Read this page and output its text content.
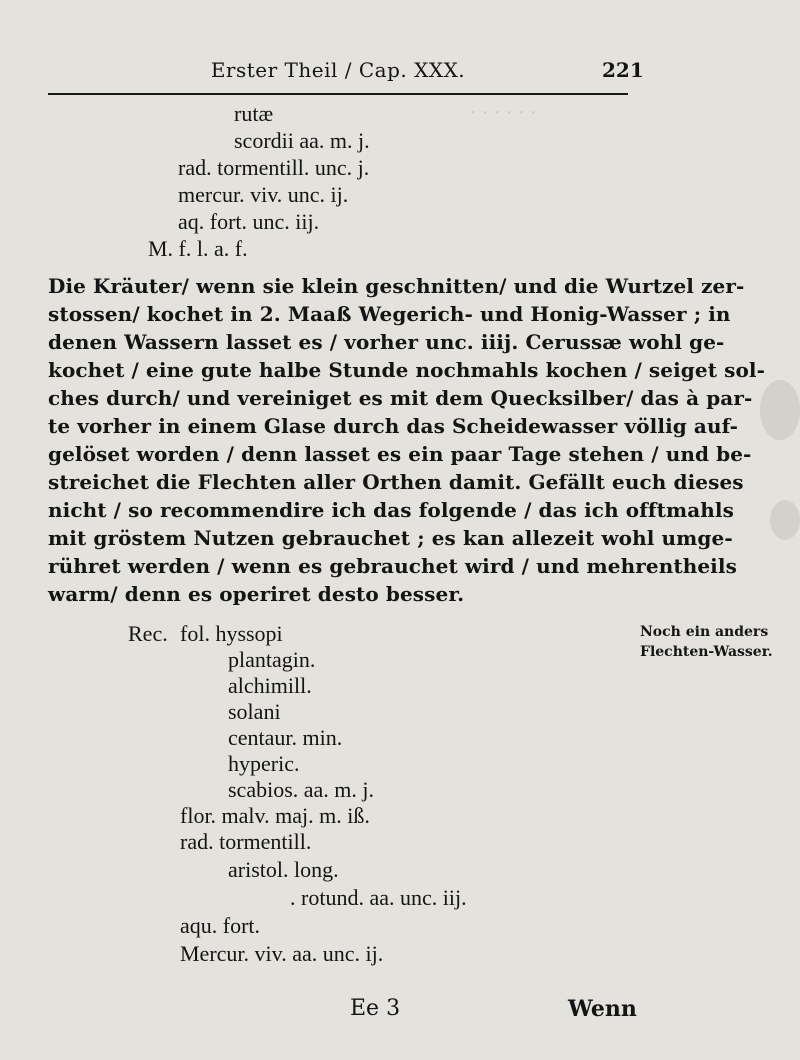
· · · · · ·
Erster Theil / Cap. XXX.	221
rutæ
scordii aa. m. j.
rad. tormentill. unc. j.
mercur. viv. unc. ij.
aq. fort. unc. iij.
M. f. l. a. f.
Die Kräuter/ wenn sie klein geschnitten/ und die Wurtzel zer-
stossen/ kochet in 2. Maaß Wegerich- und Honig-Wasser ; in
denen Wassern lasset es / vorher unc. iiij. Cerussæ wohl ge-
kochet / eine gute halbe Stunde nochmahls kochen / seiget sol-
ches durch/ und vereiniget es mit dem Quecksilber/ das à par-
te vorher in einem Glase durch das Scheidewasser völlig auf-
gelöset worden / denn lasset es ein paar Tage stehen / und be-
streichet die Flechten aller Orthen damit. Gefällt euch dieses
nicht / so recommendire ich das folgende / das ich offtmahls
mit gröstem Nutzen gebrauchet ; es kan allezeit wohl umge-
rühret werden / wenn es gebrauchet wird / und mehrentheils
warm/ denn es operiret desto besser.
Rec. fol. hyssopi
plantagin.
alchimill.
solani
centaur. min.
hyperic.
scabios. aa. m. j.
flor. malv. maj. m. iß.
rad. tormentill.
aristol. long.
. rotund. aa. unc. iij.
aqu. fort.
Mercur. viv. aa. unc. ij.
Noch ein anders
Flechten-Wasser.
Ee 3	Wenn
